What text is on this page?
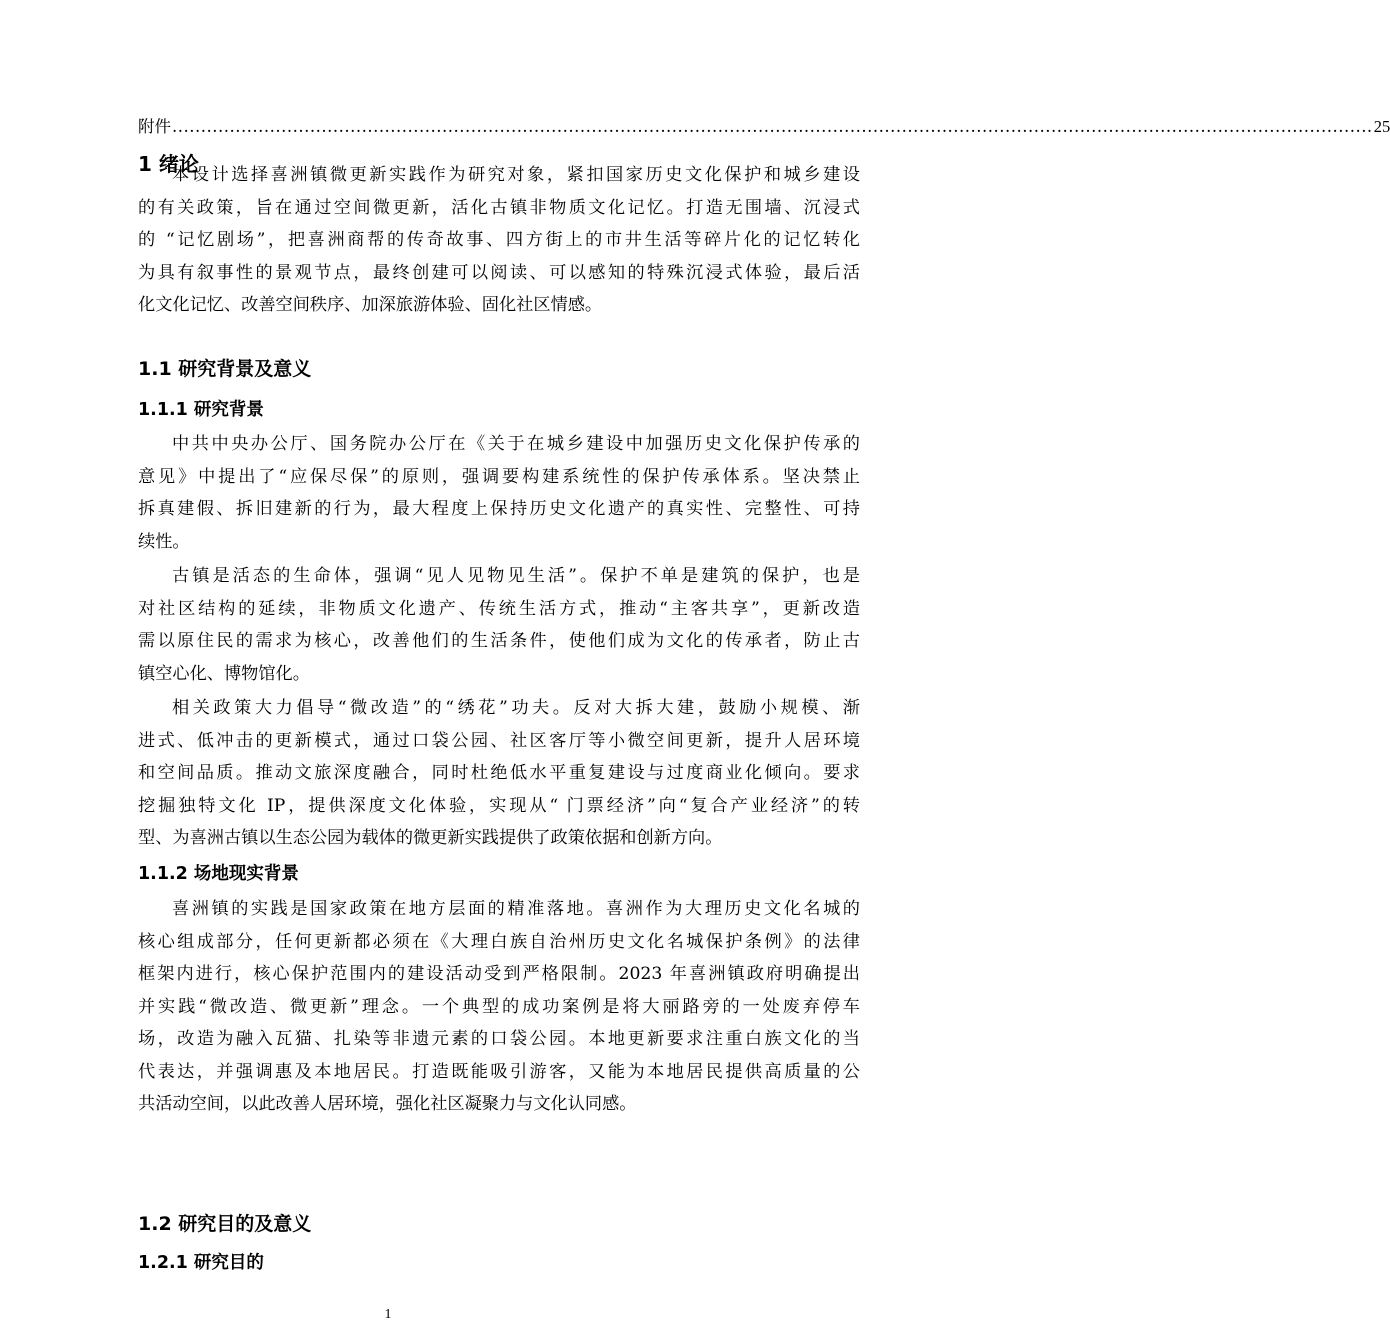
附件 ................................................................................................................................................................................................................. 25
1 绪论
本设计选择喜洲镇微更新实践作为研究对象，紧扣国家历史文化保护和城乡建设
的有关政策，旨在通过空间微更新，活化古镇非物质文化记忆。打造无围墙、沉浸式
的 “记忆剧场”，把喜洲商帮的传奇故事、四方街上的市井生活等碎片化的记忆转化
为具有叙事性的景观节点，最终创建可以阅读、可以感知的特殊沉浸式体验，最后活
化文化记忆、改善空间秩序、加深旅游体验、固化社区情感。
1.1 研究背景及意义
1.1.1 研究背景
中共中央办公厅、国务院办公厅在《关于在城乡建设中加强历史文化保护传承的
意见》中提出了“应保尽保”的原则，强调要构建系统性的保护传承体系。坚决禁止
拆真建假、拆旧建新的行为，最大程度上保持历史文化遗产的真实性、完整性、可持
续性。
古镇是活态的生命体，强调“见人见物见生活”。保护不单是建筑的保护，也是
对社区结构的延续，非物质文化遗产、传统生活方式，推动“主客共享”，更新改造
需以原住民的需求为核心，改善他们的生活条件，使他们成为文化的传承者，防止古
镇空心化、博物馆化。
相关政策大力倡导“微改造”的“绣花”功夫。反对大拆大建，鼓励小规模、渐
进式、低冲击的更新模式，通过口袋公园、社区客厅等小微空间更新，提升人居环境
和空间品质。推动文旅深度融合，同时杜绝低水平重复建设与过度商业化倾向。要求
挖掘独特文化 IP，提供深度文化体验，实现从“ 门票经济”向“复合产业经济”的转
型、为喜洲古镇以生态公园为载体的微更新实践提供了政策依据和创新方向。
1.1.2 场地现实背景
喜洲镇的实践是国家政策在地方层面的精准落地。喜洲作为大理历史文化名城的
核心组成部分，任何更新都必须在《大理白族自治州历史文化名城保护条例》的法律
框架内进行，核心保护范围内的建设活动受到严格限制。2023 年喜洲镇政府明确提出
并实践“微改造、微更新”理念。一个典型的成功案例是将大丽路旁的一处废弃停车
场，改造为融入瓦猫、扎染等非遗元素的口袋公园。本地更新要求注重白族文化的当
代表达，并强调惠及本地居民。打造既能吸引游客，又能为本地居民提供高质量的公
共活动空间，以此改善人居环境，强化社区凝聚力与文化认同感。
1.2 研究目的及意义
1.2.1 研究目的
1
